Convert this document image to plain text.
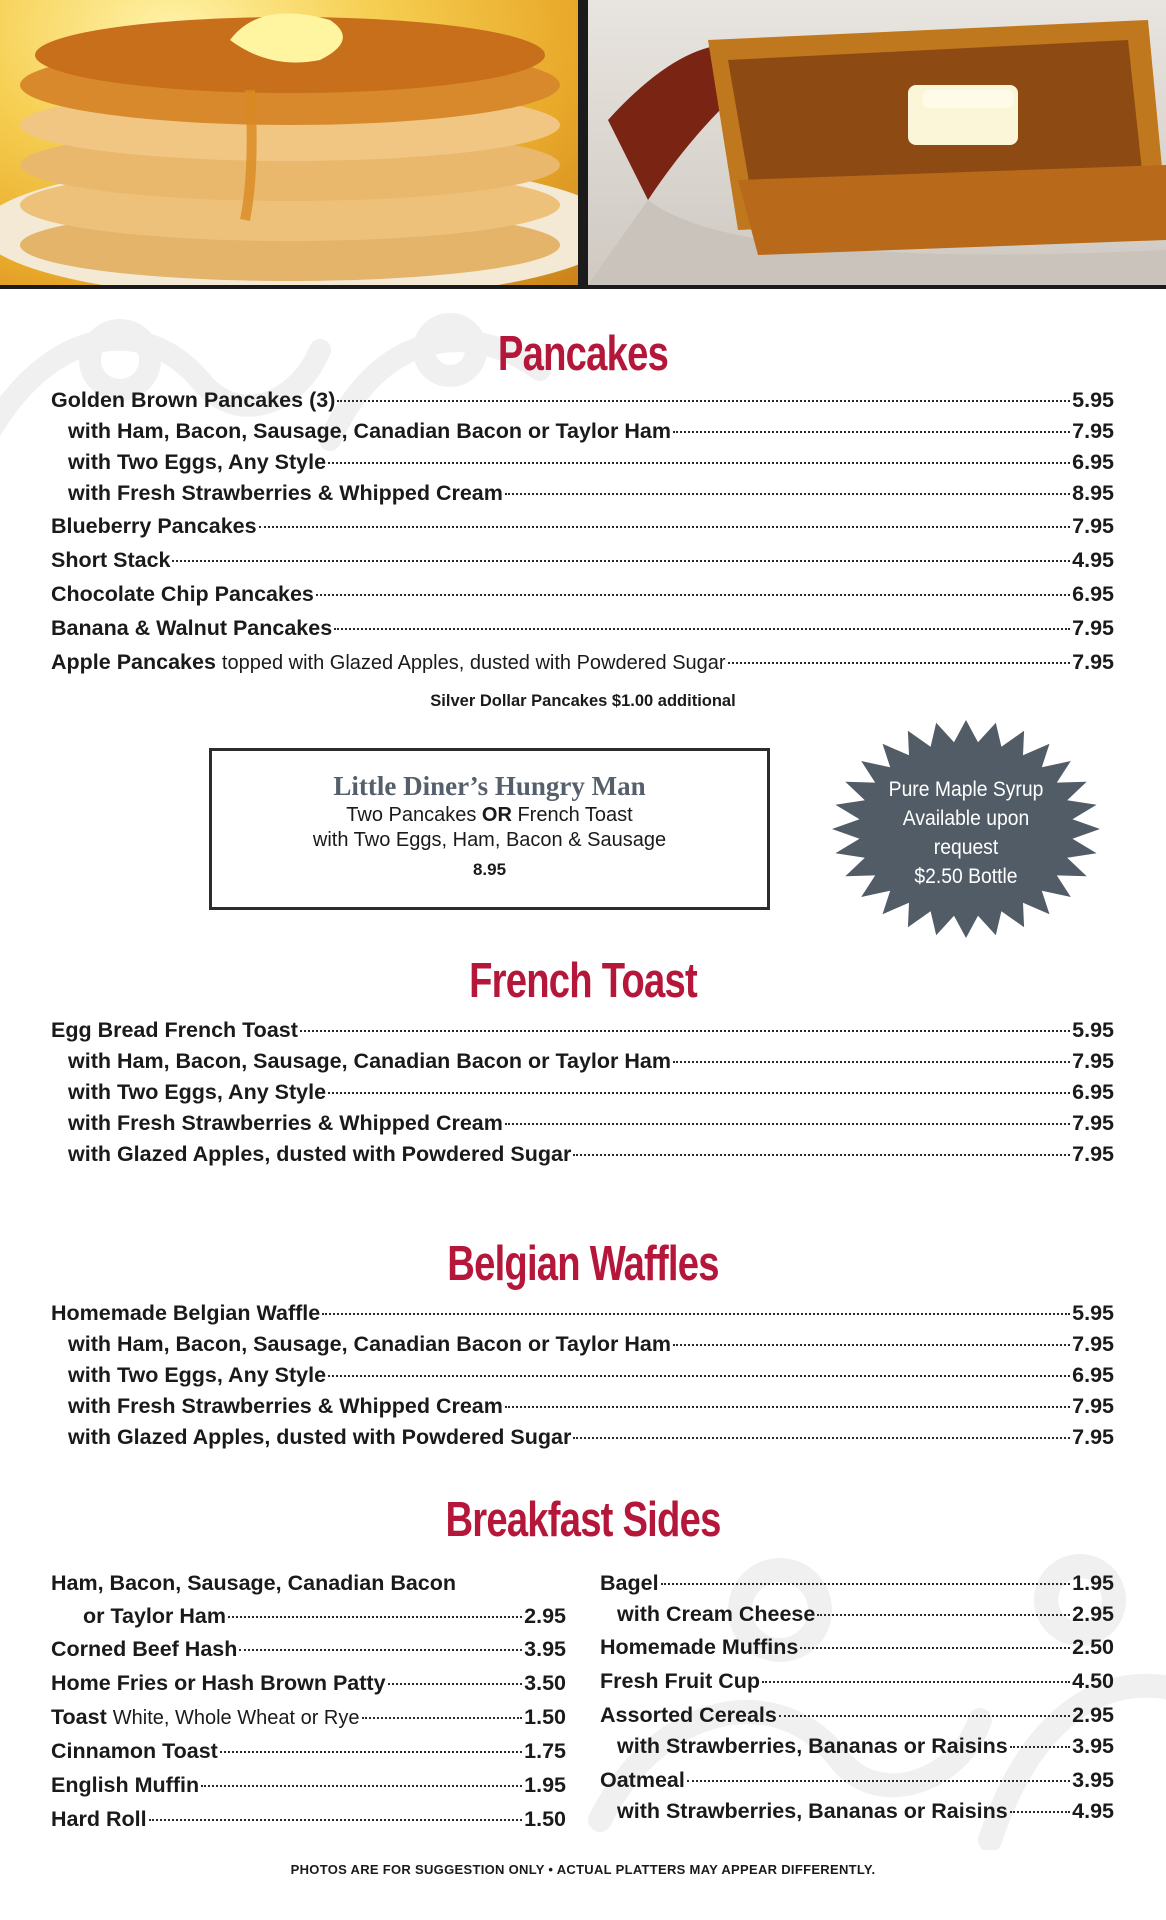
Pancakes
Golden Brown Pancakes (3)	5.95
with Ham, Bacon, Sausage, Canadian Bacon or Taylor Ham	7.95
with Two Eggs, Any Style	6.95
with Fresh Strawberries & Whipped Cream	8.95
Blueberry Pancakes	7.95
Short Stack	4.95
Chocolate Chip Pancakes	6.95
Banana & Walnut Pancakes	7.95
Apple Pancakes topped with Glazed Apples, dusted with Powdered Sugar	7.95
Silver Dollar Pancakes $1.00 additional
Little Diner’s Hungry Man
Two Pancakes OR French Toast
with Two Eggs, Ham, Bacon & Sausage
8.95
Pure Maple Syrup
Available upon
request
$2.50 Bottle
French Toast
Egg Bread French Toast	5.95
with Ham, Bacon, Sausage, Canadian Bacon or Taylor Ham	7.95
with Two Eggs, Any Style	6.95
with Fresh Strawberries & Whipped Cream	7.95
with Glazed Apples, dusted with Powdered Sugar	7.95
Belgian Waffles
Homemade Belgian Waffle	5.95
with Ham, Bacon, Sausage, Canadian Bacon or Taylor Ham	7.95
with Two Eggs, Any Style	6.95
with Fresh Strawberries & Whipped Cream	7.95
with Glazed Apples, dusted with Powdered Sugar	7.95
Breakfast Sides
Ham, Bacon, Sausage, Canadian Bacon
or Taylor Ham	2.95
Corned Beef Hash	3.95
Home Fries or Hash Brown Patty	3.50
Toast White, Whole Wheat or Rye	1.50
Cinnamon Toast	1.75
English Muffin	1.95
Hard Roll	1.50
Bagel	1.95
with Cream Cheese	2.95
Homemade Muffins	2.50
Fresh Fruit Cup	4.50
Assorted Cereals	2.95
with Strawberries, Bananas or Raisins	3.95
Oatmeal	3.95
with Strawberries, Bananas or Raisins	4.95
PHOTOS ARE FOR SUGGESTION ONLY • ACTUAL PLATTERS MAY APPEAR DIFFERENTLY.
